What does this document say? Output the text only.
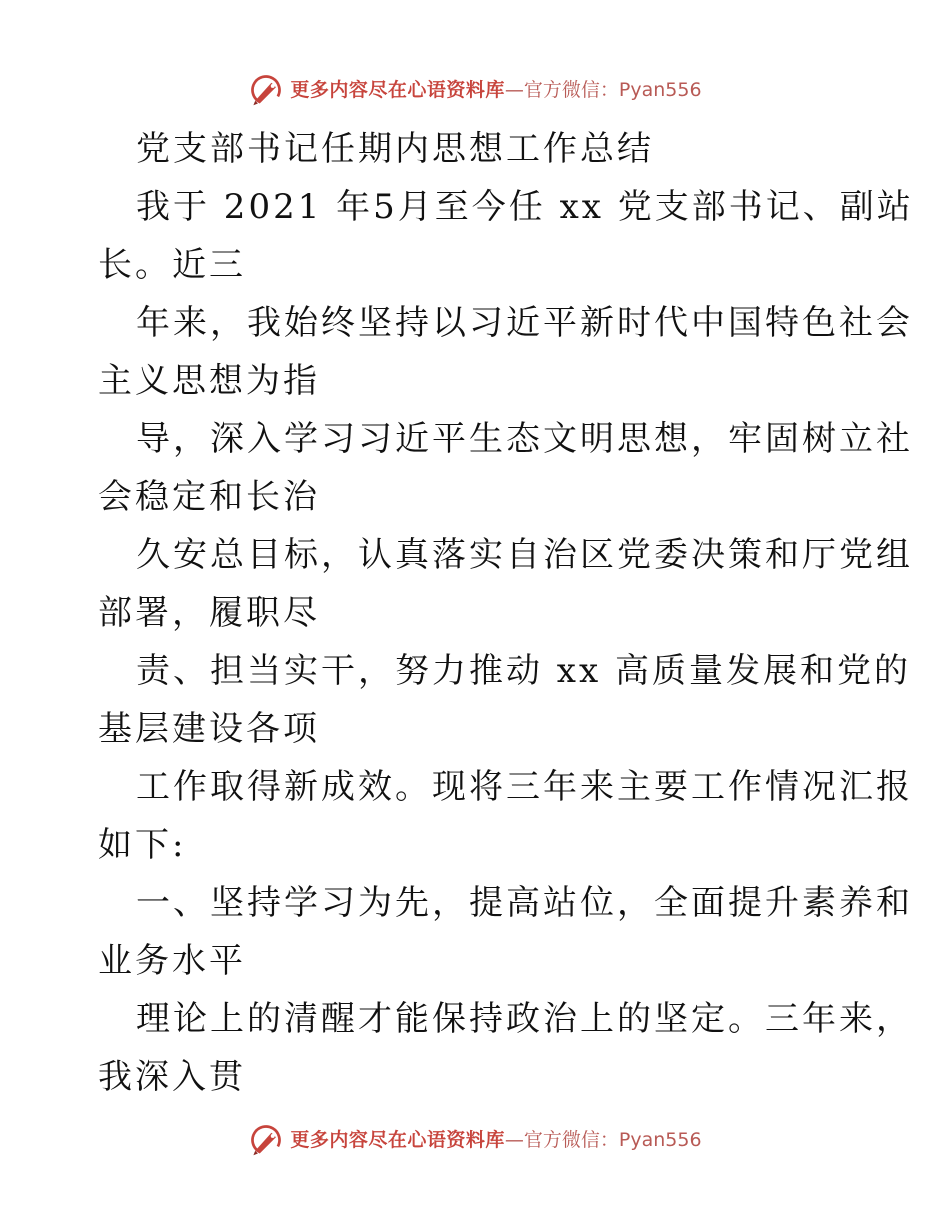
更多内容尽在心语资料库 —官方微信：Pyan556
党支部书记任期内思想工作总结
我于 2021 年5月至今任 xx 党支部书记、副站
长。近三
年来，我始终坚持以习近平新时代中国特色社会
主义思想为指
导，深入学习习近平生态文明思想，牢固树立社
会稳定和长治
久安总目标，认真落实自治区党委决策和厅党组
部署，履职尽
责、担当实干，努力推动 xx 高质量发展和党的
基层建设各项
工作取得新成效。现将三年来主要工作情况汇报
如下:
一、坚持学习为先，提高站位，全面提升素养和
业务水平
理论上的清醒才能保持政治上的坚定。三年来，
我深入贯
更多内容尽在心语资料库 —官方微信：Pyan556
